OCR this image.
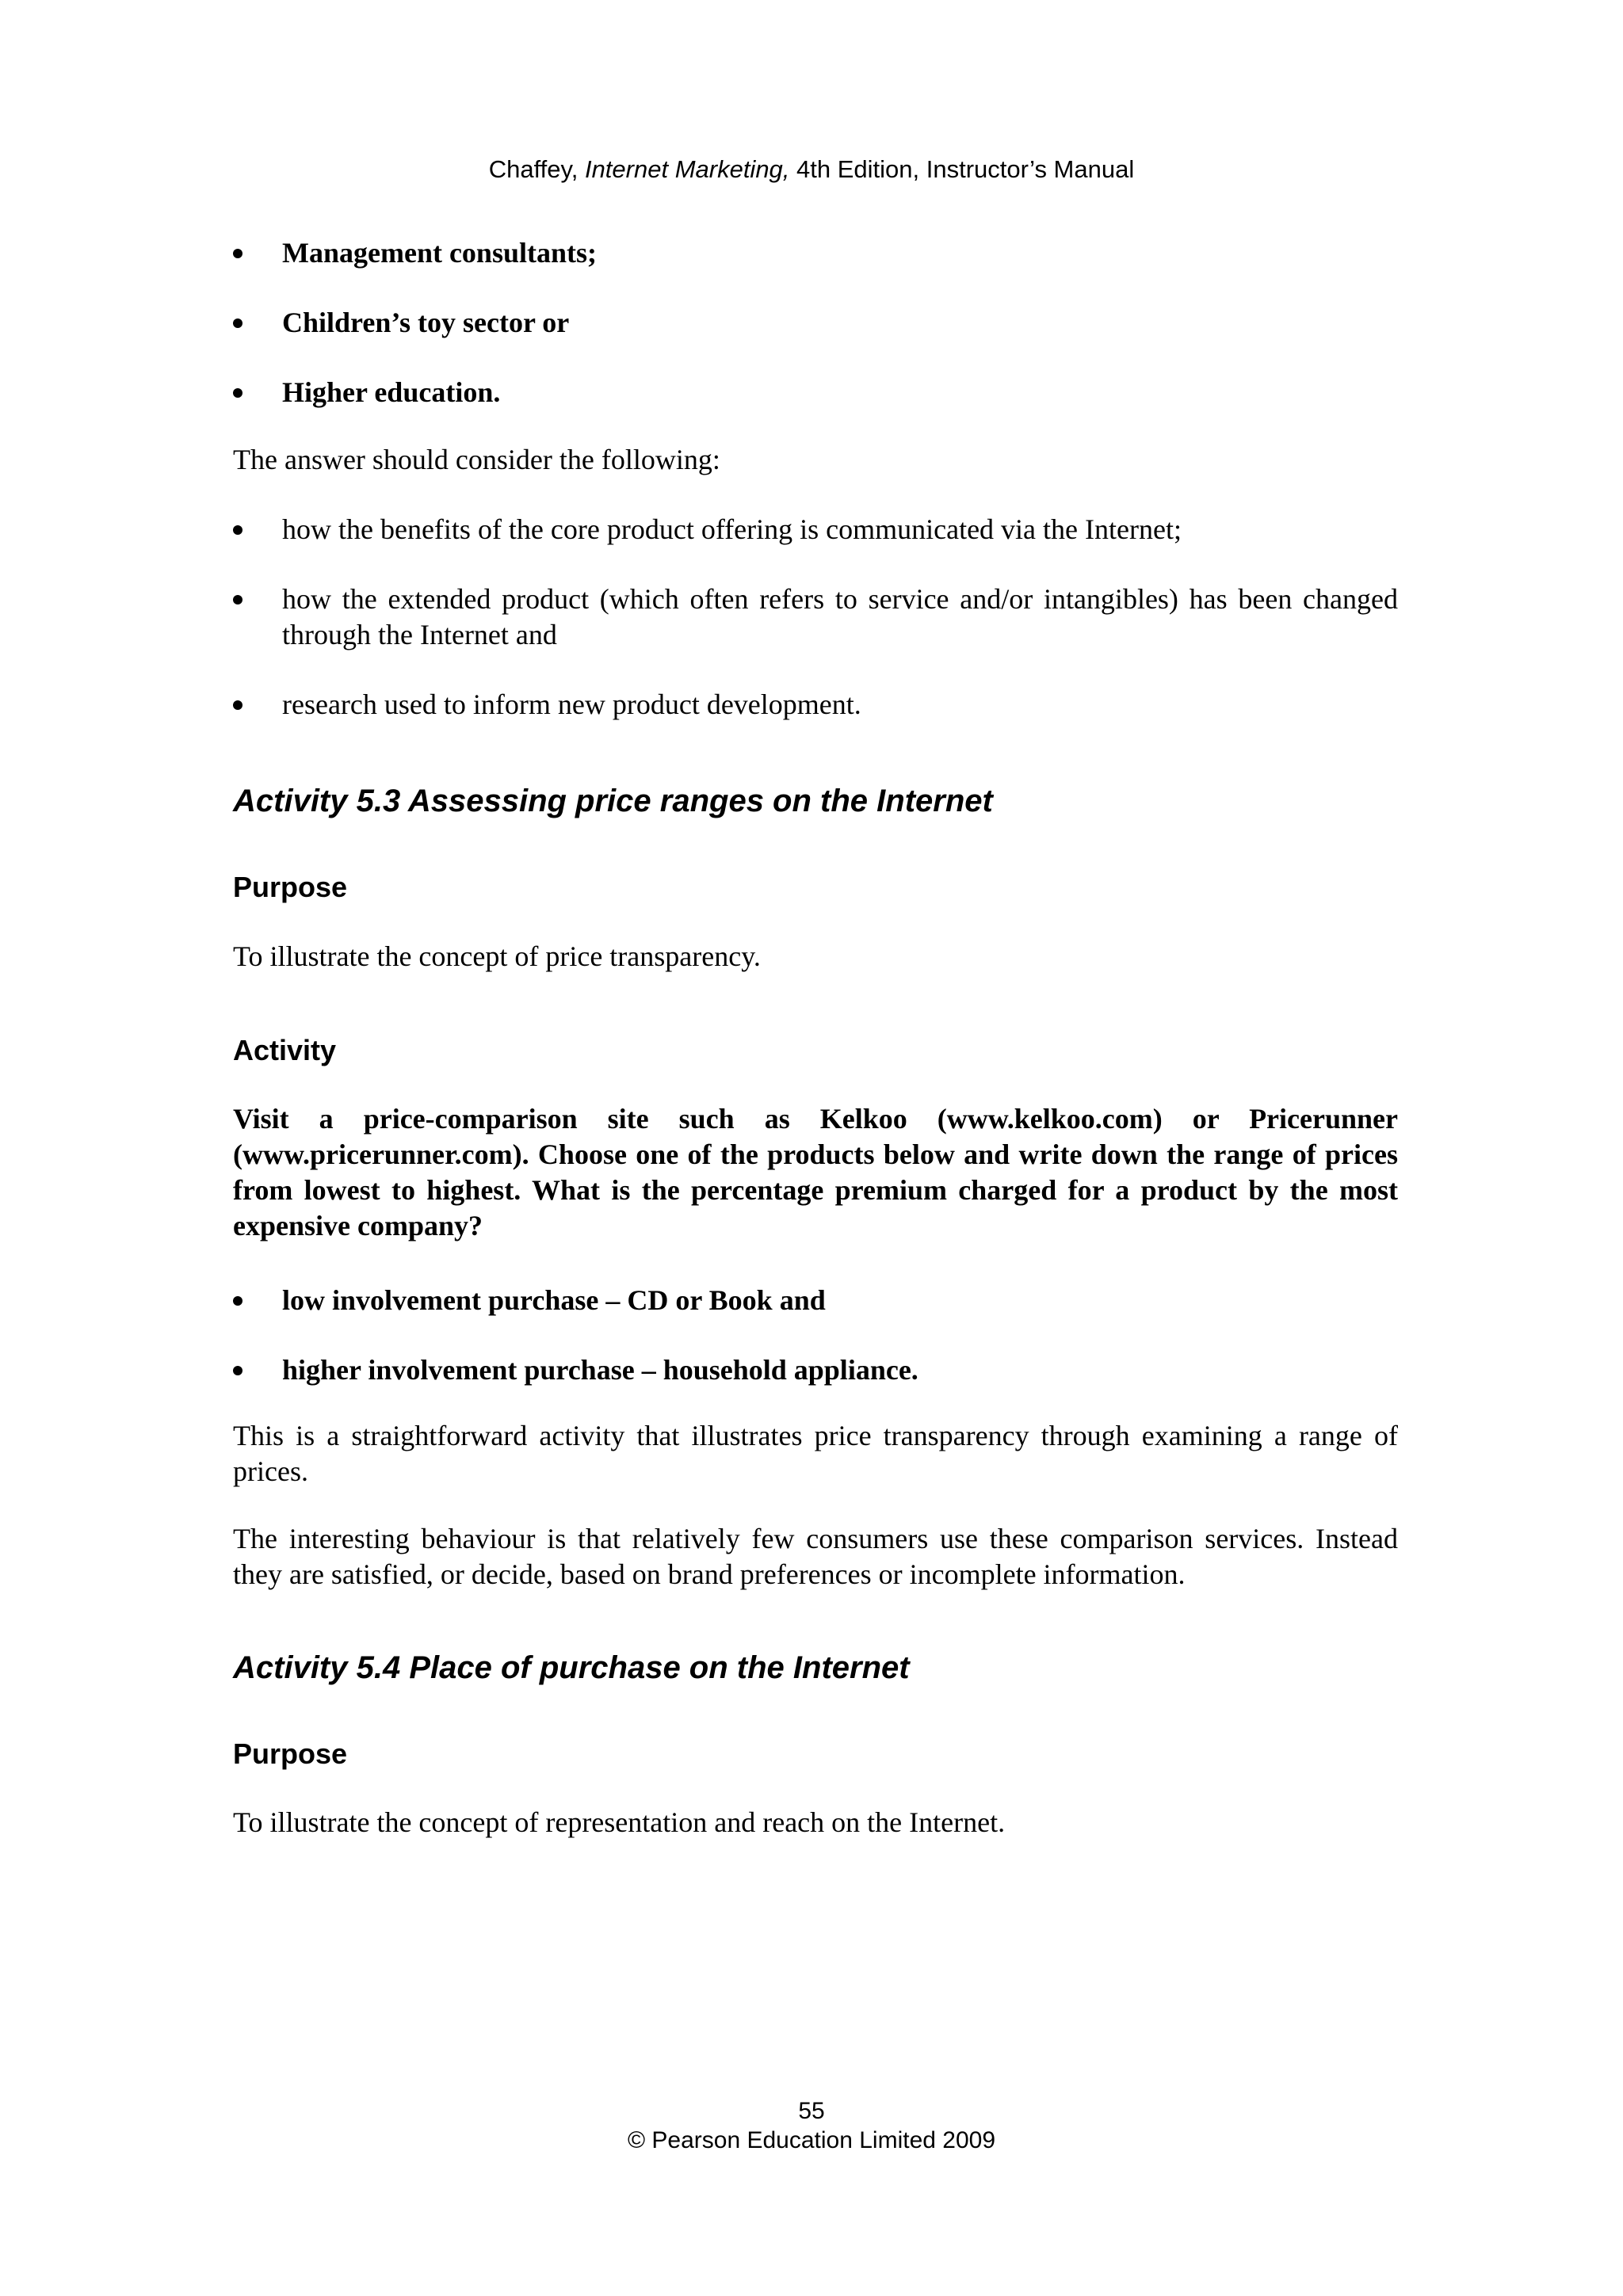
Chaffey, Internet Marketing, 4th Edition, Instructor’s Manual
Management consultants;
Children’s toy sector or
Higher education.
The answer should consider the following:
how the benefits of the core product offering is communicated via the Internet;
how the extended product (which often refers to service and/or intangibles) has been changed through the Internet and
research used to inform new product development.
Activity 5.3 Assessing price ranges on the Internet
Purpose
To illustrate the concept of price transparency.
Activity
Visit a price-comparison site such as Kelkoo (www.kelkoo.com) or Pricerunner (www.pricerunner.com). Choose one of the products below and write down the range of prices from lowest to highest. What is the percentage premium charged for a product by the most expensive company?
low involvement purchase – CD or Book and
higher involvement purchase – household appliance.
This is a straightforward activity that illustrates price transparency through examining a range of prices.
The interesting behaviour is that relatively few consumers use these comparison services. Instead they are satisfied, or decide, based on brand preferences or incomplete information.
Activity 5.4 Place of purchase on the Internet
Purpose
To illustrate the concept of representation and reach on the Internet.
55
© Pearson Education Limited 2009
